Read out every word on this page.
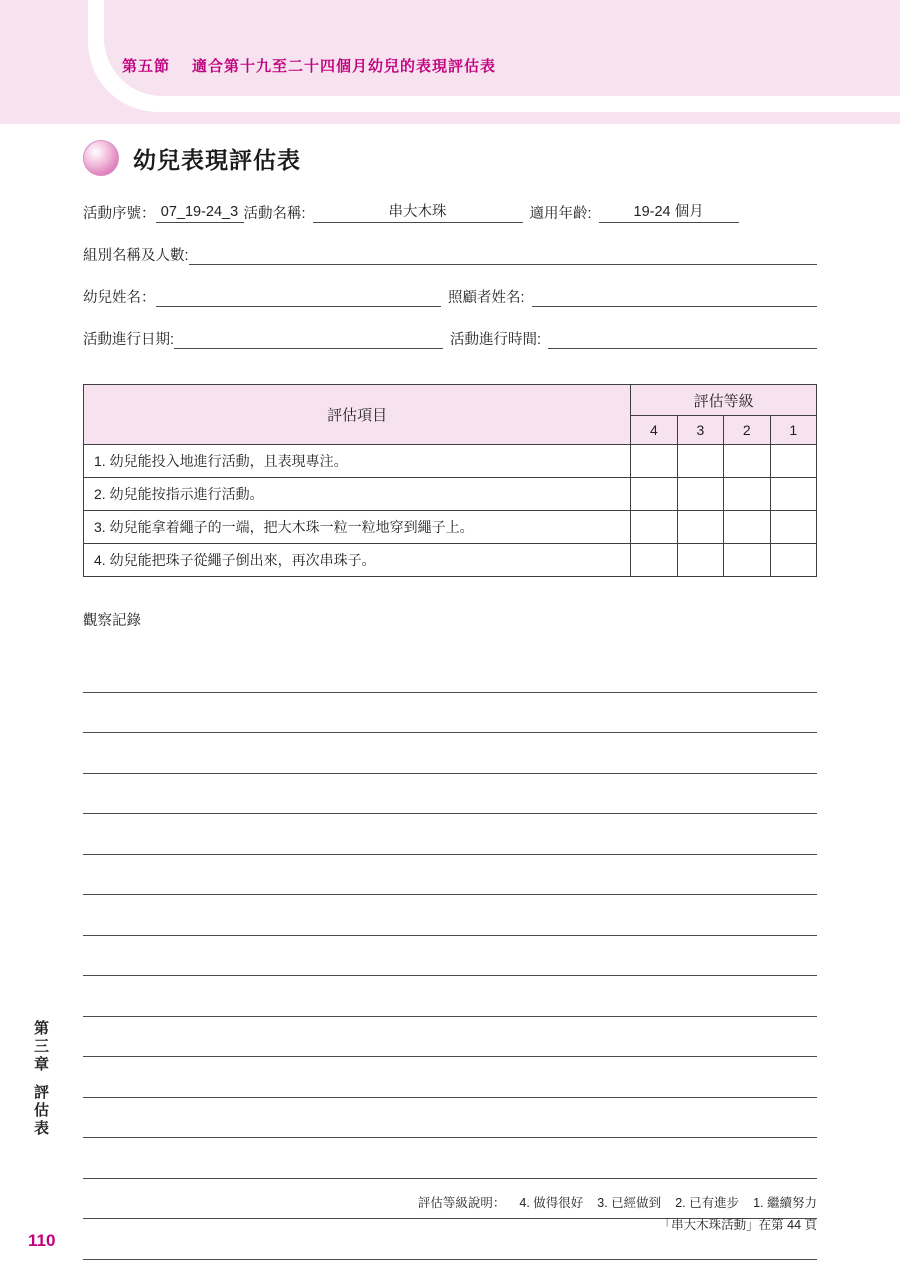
第五節 適合第十九至二十四個月幼兒的表現評估表
幼兒表現評估表
活動序號： 07_19-24_3 活動名稱:	串大木珠	適用年齡:	19-24 個月
組別名稱及人數:
幼兒姓名：	照顧者姓名:
活動進行日期:	活動進行時間:
評估項目	評估等級			
	4	3	2	1
1. 幼兒能投入地進行活動，且表現專注。				
2. 幼兒能按指示進行活動。				
3. 幼兒能拿着繩子的一端，把大木珠一粒一粒地穿到繩子上。				
4. 幼兒能把珠子從繩子倒出來，再次串珠子。				
觀察記錄
評估等級說明： 4. 做得很好 3. 已經做到 2. 已有進步 1. 繼續努力
「串大木珠活動」在第 44 頁
110
第三章
評估表
